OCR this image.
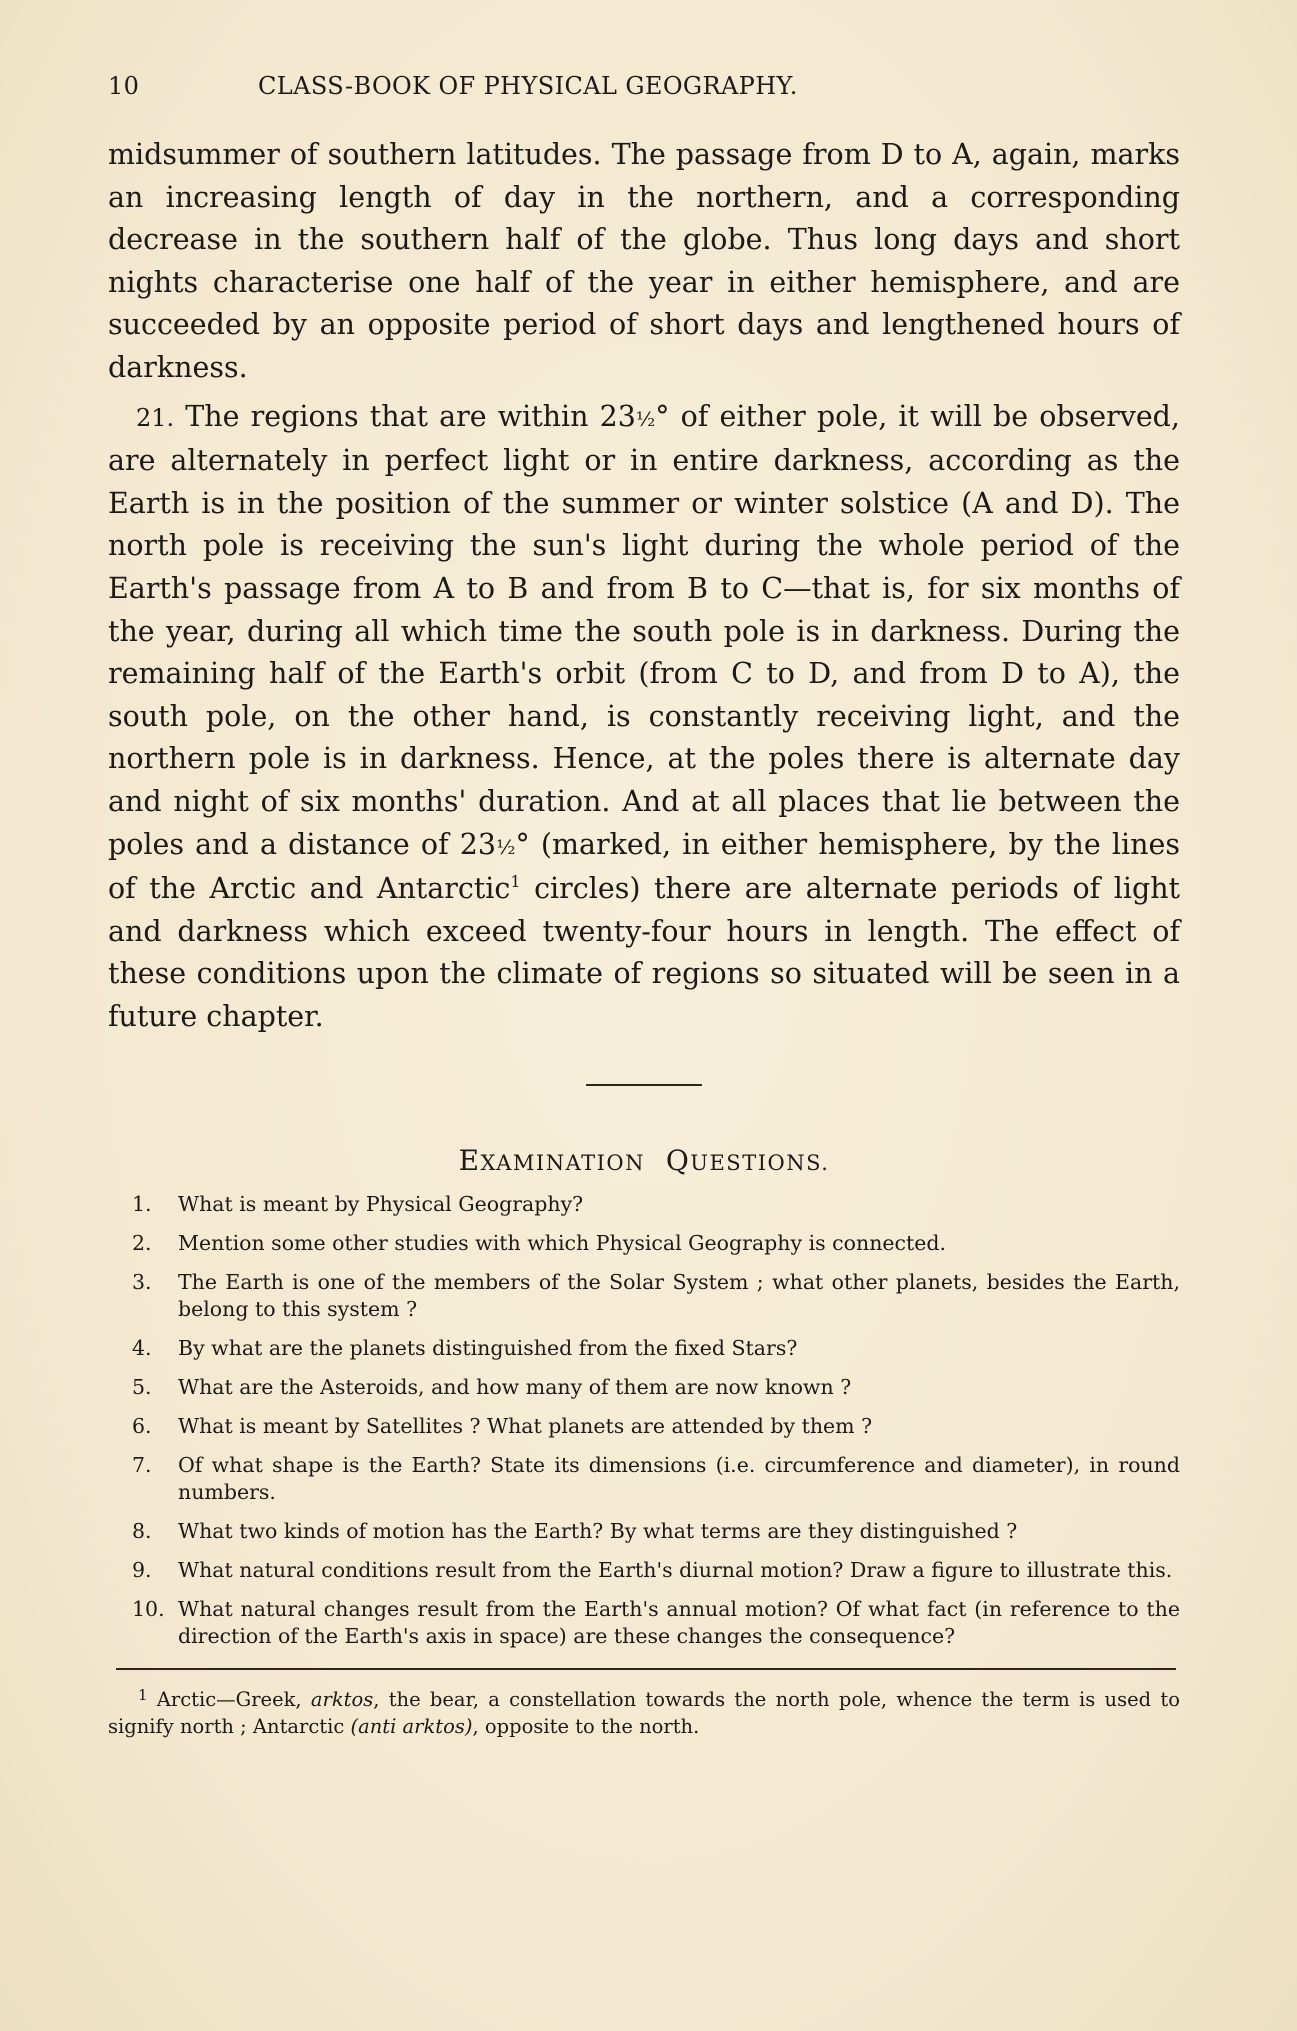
10	CLASS-BOOK OF PHYSICAL GEOGRAPHY.

midsummer of southern latitudes. The passage from D to A, again, marks an increasing length of day in the northern, and a corresponding decrease in the southern half of the globe. Thus long days and short nights characterise one half of the year in either hemisphere, and are succeeded by an opposite period of short days and lengthened hours of darkness.

21. The regions that are within 23½° of either pole, it will be observed, are alternately in perfect light or in entire darkness, according as the Earth is in the position of the summer or winter solstice (A and D). The north pole is receiving the sun's light during the whole period of the Earth's passage from A to B and from B to C—that is, for six months of the year, during all which time the south pole is in darkness. During the remaining half of the Earth's orbit (from C to D, and from D to A), the south pole, on the other hand, is constantly receiving light, and the northern pole is in darkness. Hence, at the poles there is alternate day and night of six months' duration. And at all places that lie between the poles and a distance of 23½° (marked, in either hemisphere, by the lines of the Arctic and Antarctic$^1$ circles) there are alternate periods of light and darkness which exceed twenty-four hours in length. The effect of these conditions upon the climate of regions so situated will be seen in a future chapter.

EXAMINATION QUESTIONS.
1.	What is meant by Physical Geography?
2.	Mention some other studies with which Physical Geography is connected.
3.	The Earth is one of the members of the Solar System ; what other planets, besides the Earth, belong to this system ?
4.	By what are the planets distinguished from the fixed Stars?
5.	What are the Asteroids, and how many of them are now known ?
6.	What is meant by Satellites ? What planets are attended by them ?
7.	Of what shape is the Earth? State its dimensions (i.e. circumference and diameter), in round numbers.
8.	What two kinds of motion has the Earth? By what terms are they distinguished ?
9.	What natural conditions result from the Earth's diurnal motion? Draw a figure to illustrate this.
10. What natural changes result from the Earth's annual motion? Of what fact (in reference to the direction of the Earth's axis in space) are these changes the consequence?
$^1$ Arctic—Greek, arktos, the bear, a constellation towards the north pole, whence the term is used to signify north ; Antarctic (anti arktos), opposite to the north.
